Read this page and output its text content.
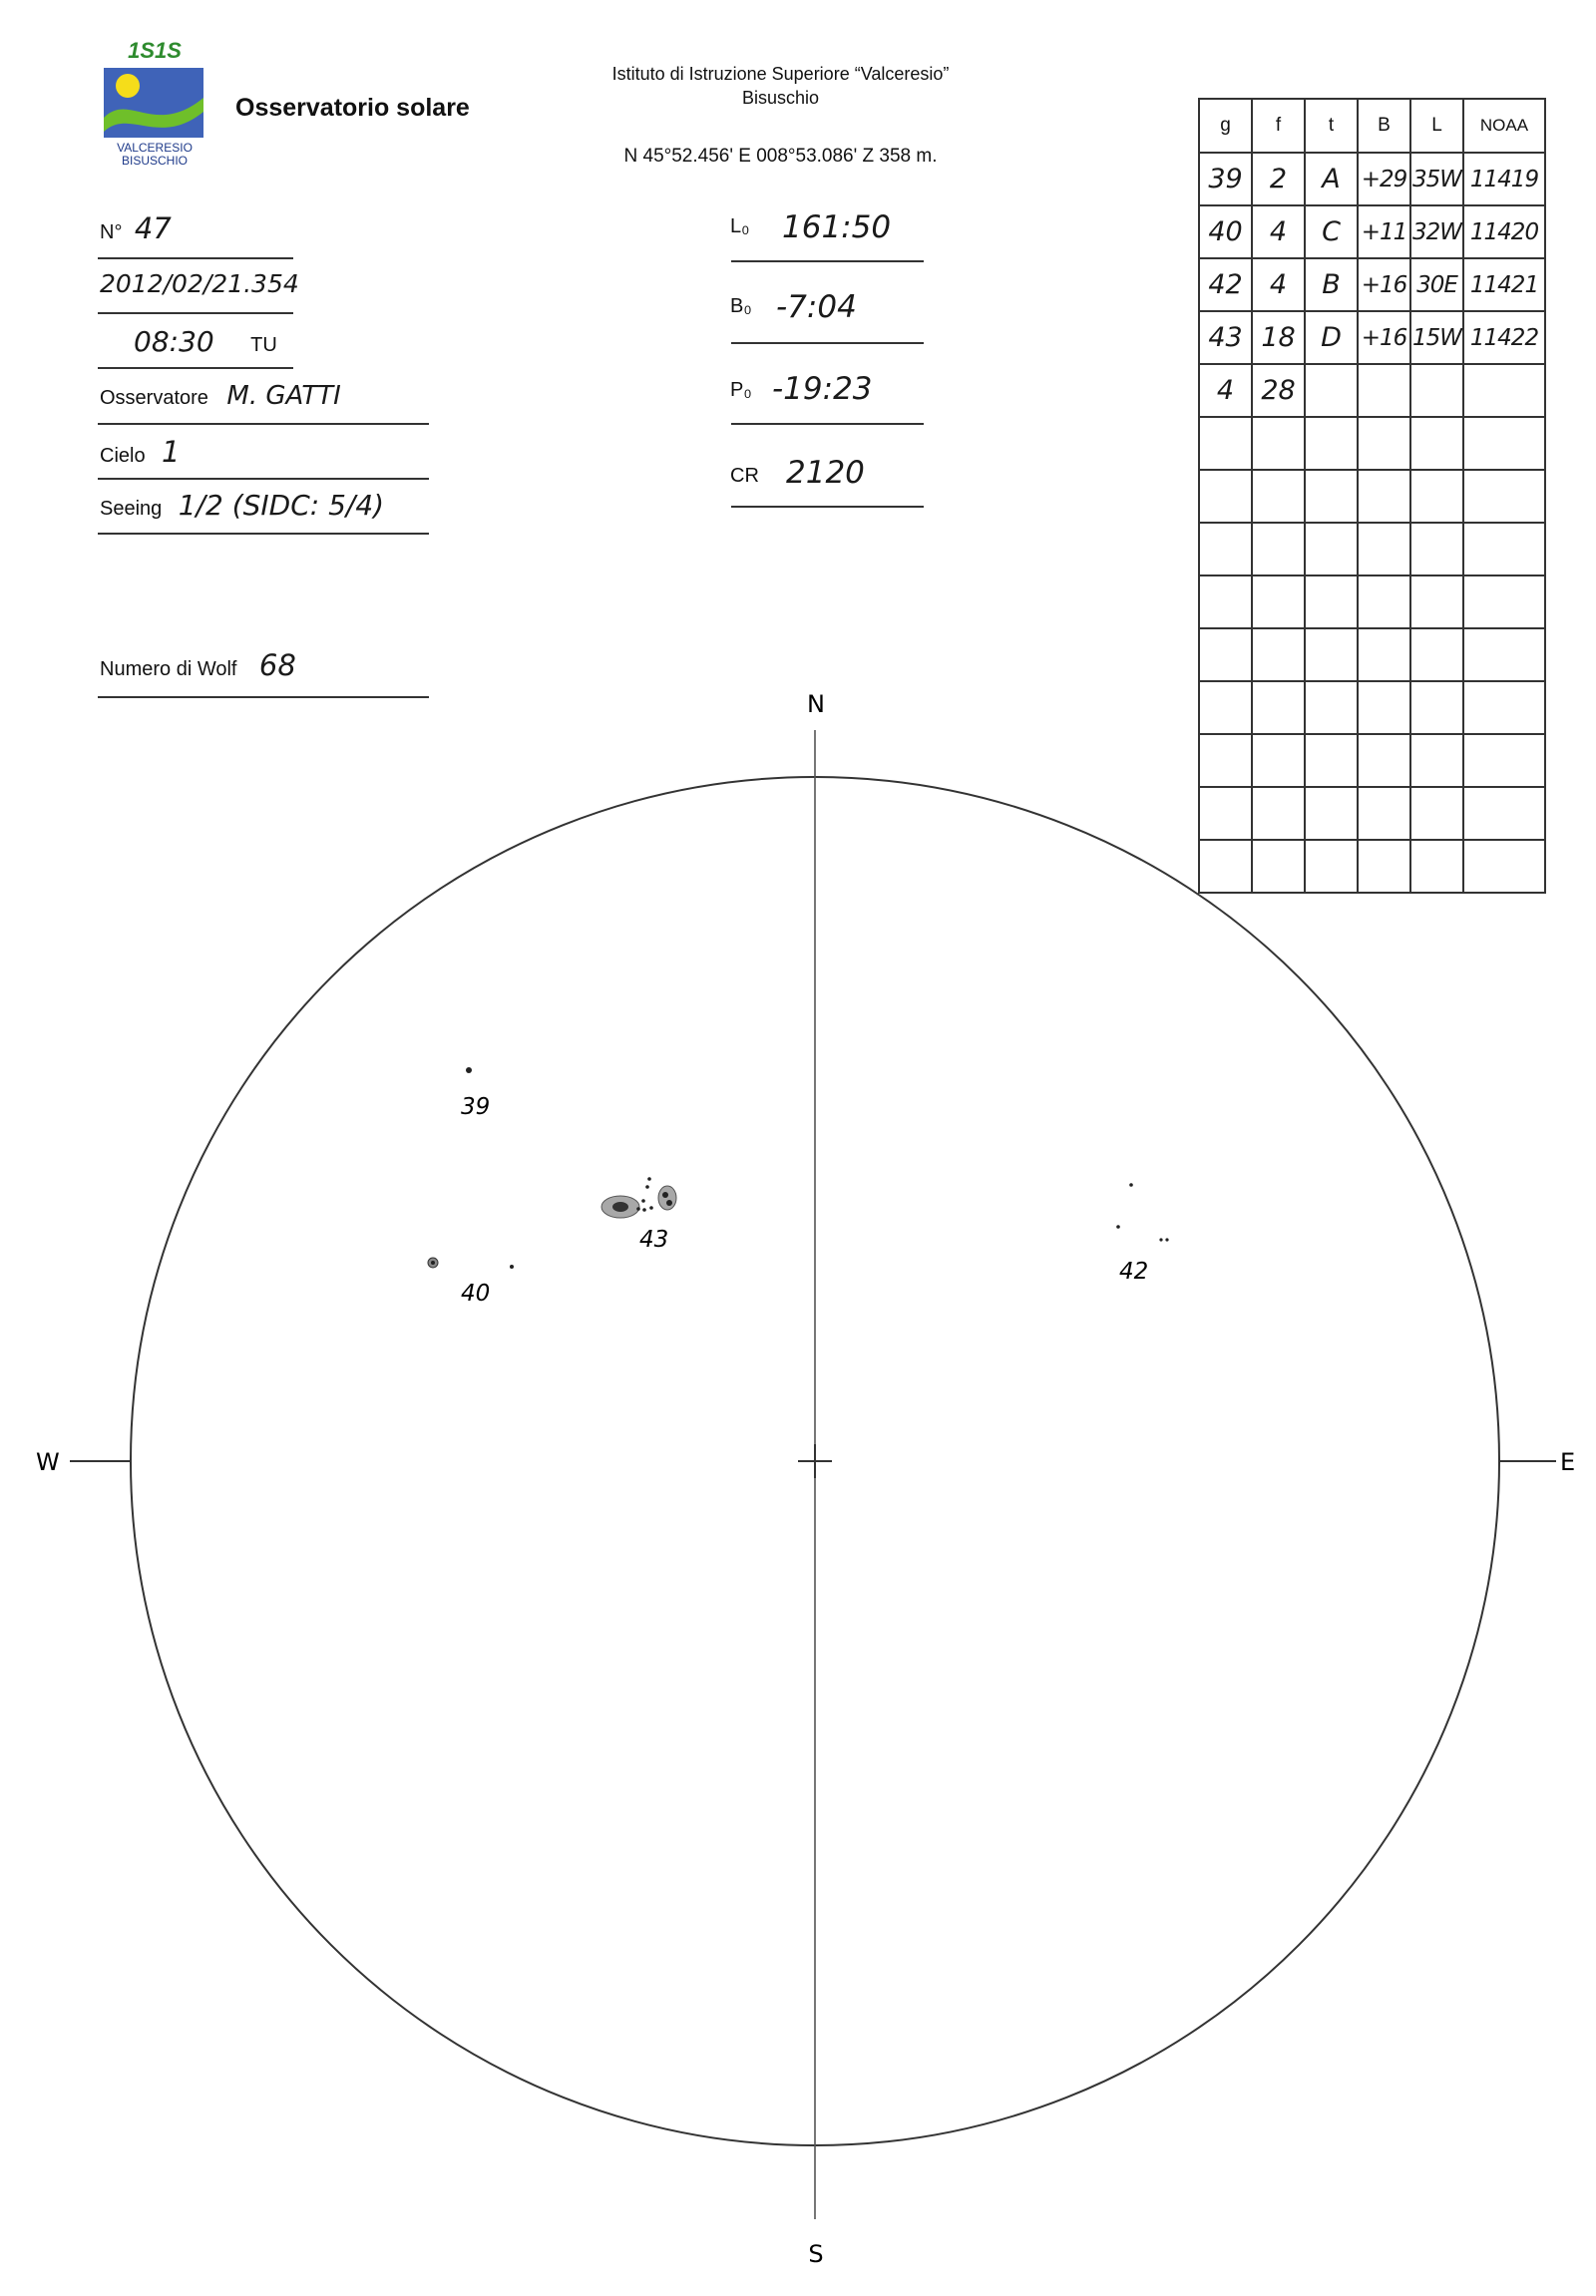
1S1S
VALCERESIO
BISUSCHIO
Osservatorio solare
Istituto di Istruzione Superiore “Valceresio”
Bisuschio
N 45°52.456' E 008°53.086' Z 358 m.
N° 47
2012/02/21.354
08:30 TU
Osservatore M. GATTI
Cielo 1
Seeing 1/2 (SIDC: 5/4)
Numero di Wolf 68
L₀ 161:50
B₀ -7:04
P₀ -19:23
CR 2120
g	f	t	B	L	NOAA
39	2	A	+29	35W	11419
40	4	C	+11	32W	11420
42	4	B	+16	30E	11421
43	18	D	+16	15W	11422
4	28				

N
S
W	E
39
40
43
42
